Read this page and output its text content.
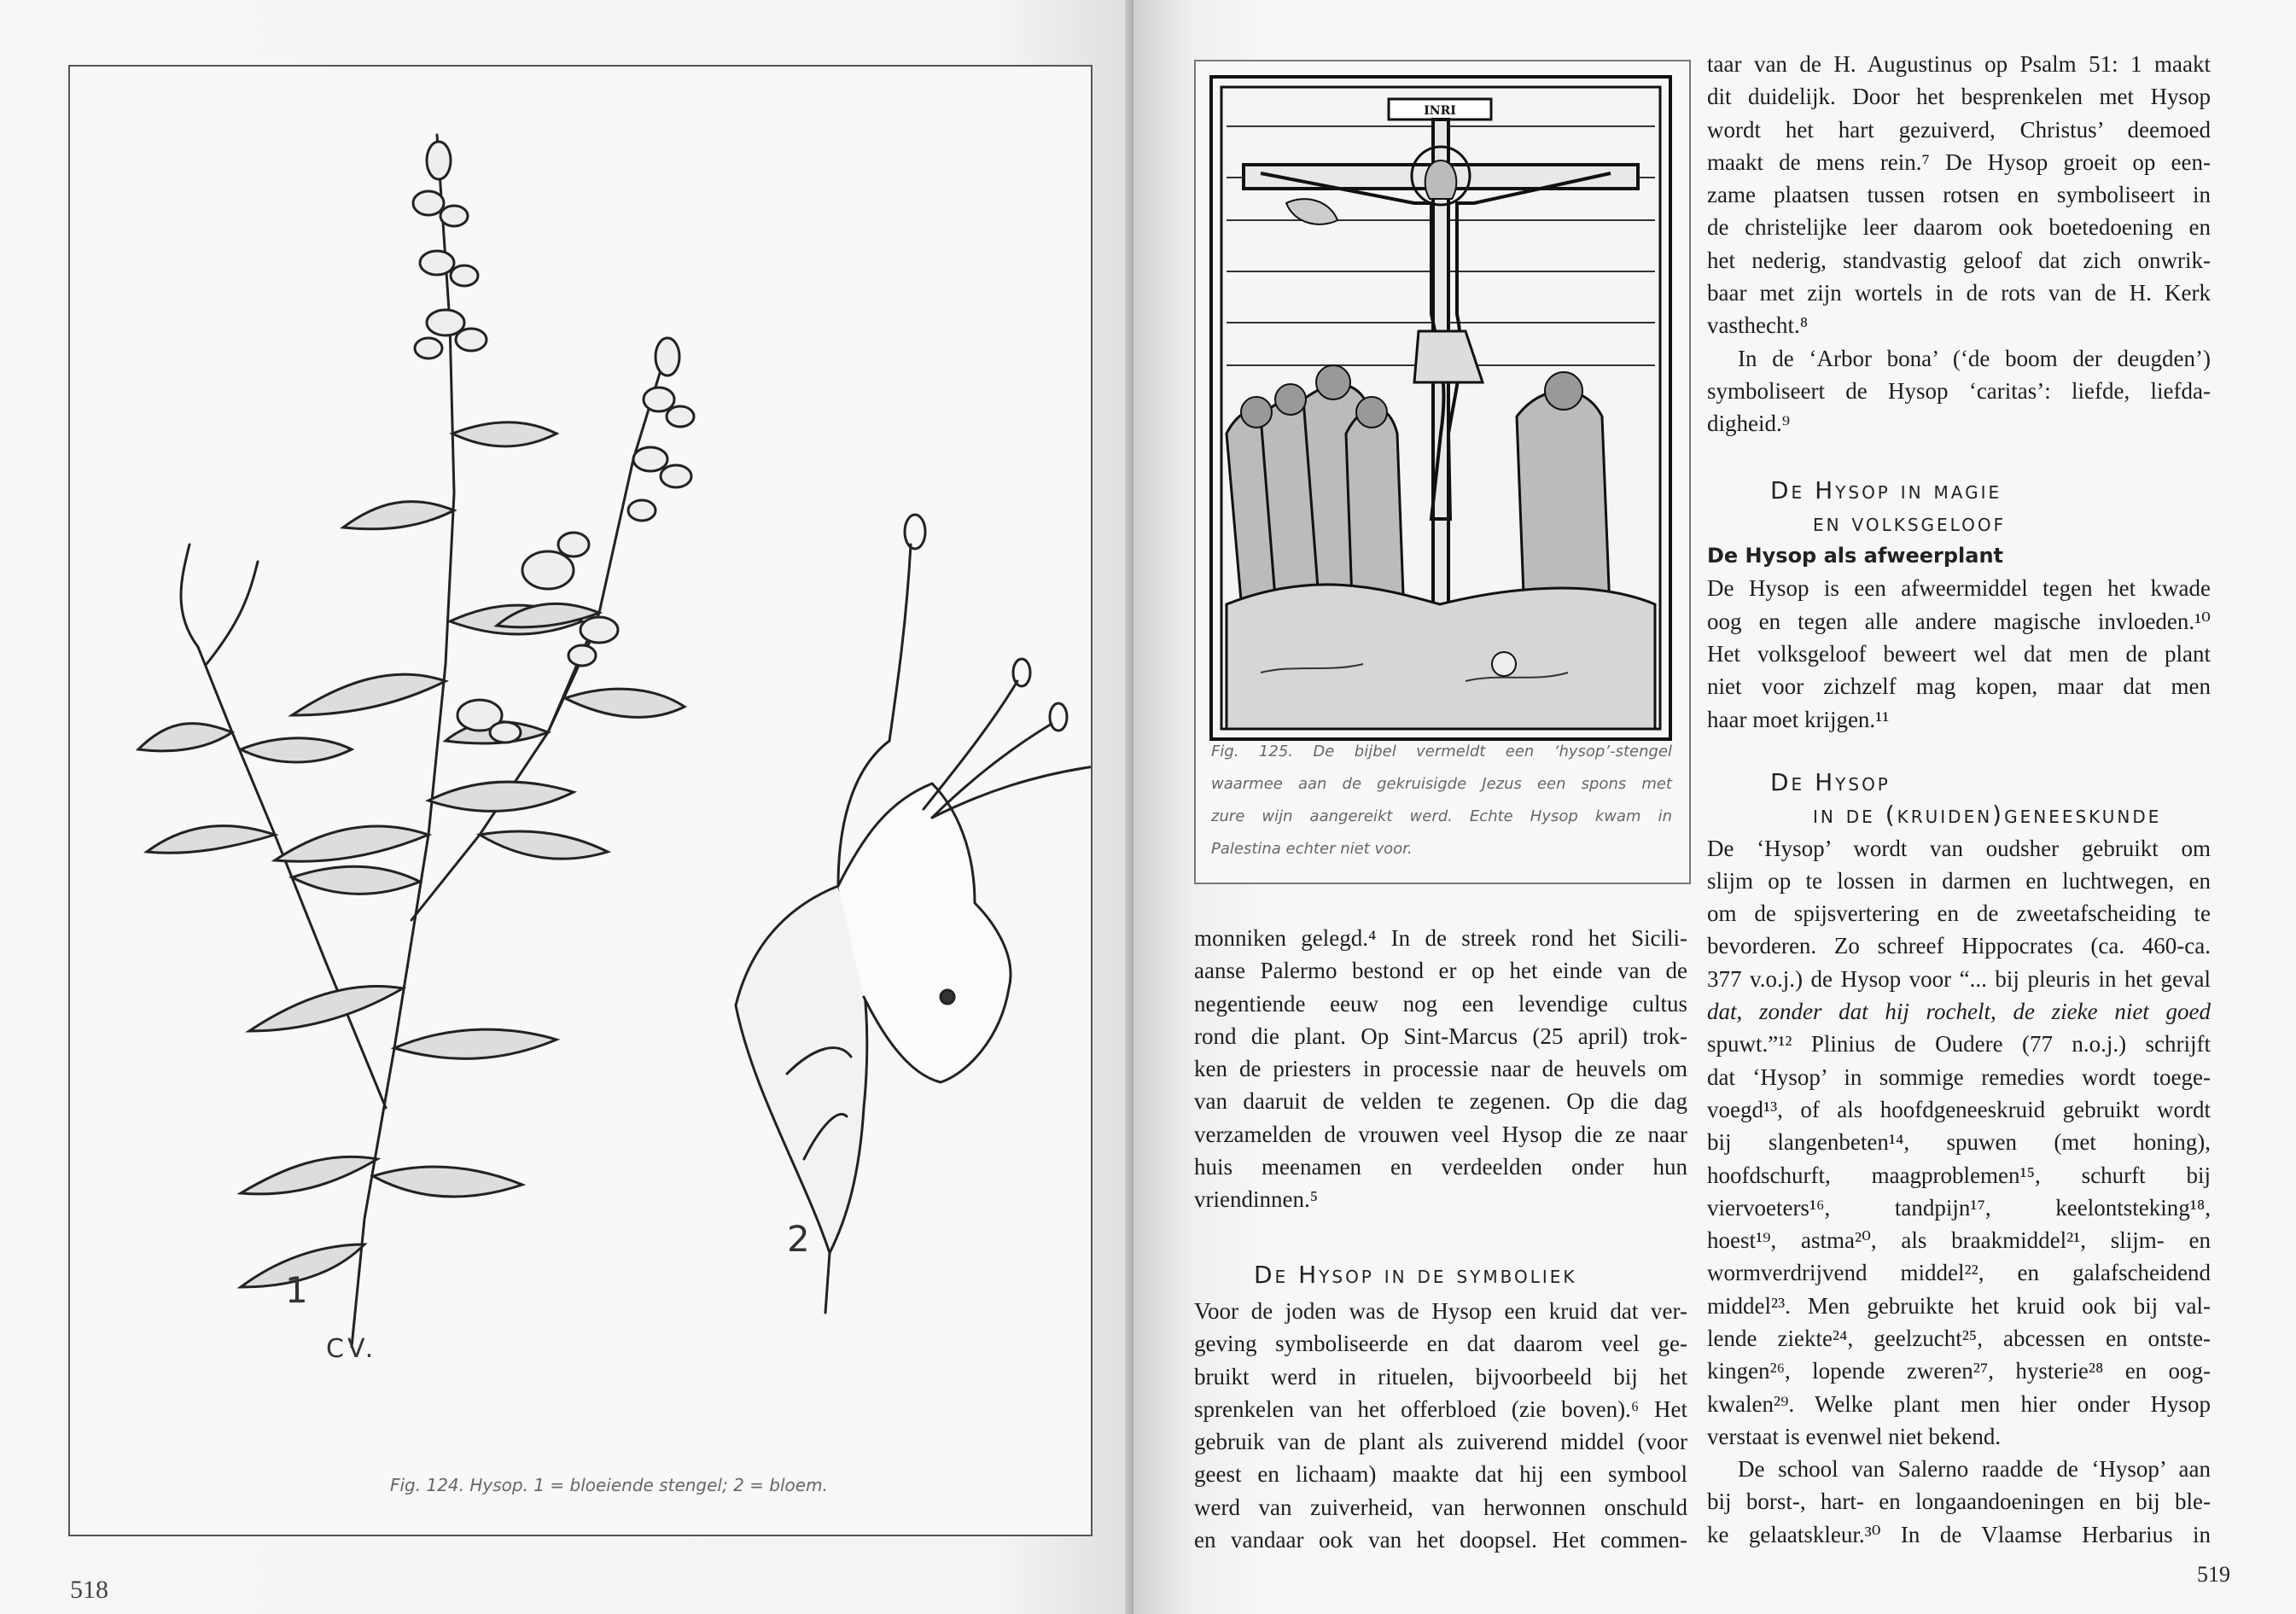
1
2
CV.
Fig. 124. Hysop. 1 = bloeiende stengel; 2 = bloem.
518
INRI
Fig. 125. De bijbel vermeldt een ‘hysop’-stengel
waarmee aan de gekruisigde Jezus een spons met
zure wijn aangereikt werd. Echte Hysop kwam in
Palestina echter niet voor.
monniken gelegd.⁴ In de streek rond het Sicili-
aanse Palermo bestond er op het einde van de
negentiende eeuw nog een levendige cultus
rond die plant. Op Sint-Marcus (25 april) trok-
ken de priesters in processie naar de heuvels om
van daaruit de velden te zegenen. Op die dag
verzamelden de vrouwen veel Hysop die ze naar
huis meenamen en verdeelden onder hun
vriendinnen.⁵
De Hysop in de symboliek
Voor de joden was de Hysop een kruid dat ver-
geving symboliseerde en dat daarom veel ge-
bruikt werd in rituelen, bijvoorbeeld bij het
sprenkelen van het offerbloed (zie boven).⁶ Het
gebruik van de plant als zuiverend middel (voor
geest en lichaam) maakte dat hij een symbool
werd van zuiverheid, van herwonnen onschuld
en vandaar ook van het doopsel. Het commen-
taar van de H. Augustinus op Psalm 51: 1 maakt
dit duidelijk. Door het besprenkelen met Hysop
wordt het hart gezuiverd, Christus’ deemoed
maakt de mens rein.⁷ De Hysop groeit op een-
zame plaatsen tussen rotsen en symboliseert in
de christelijke leer daarom ook boetedoening en
het nederig, standvastig geloof dat zich onwrik-
baar met zijn wortels in de rots van de H. Kerk
vasthecht.⁸
In de ‘Arbor bona’ (‘de boom der deugden’)
symboliseert de Hysop ‘caritas’: liefde, liefda-
digheid.⁹
De Hysop in magie
en volksgeloof
De Hysop als afweerplant
De Hysop is een afweermiddel tegen het kwade
oog en tegen alle andere magische invloeden.¹⁰
Het volksgeloof beweert wel dat men de plant
niet voor zichzelf mag kopen, maar dat men
haar moet krijgen.¹¹
De Hysop
in de (kruiden)geneeskunde
De ‘Hysop’ wordt van oudsher gebruikt om
slijm op te lossen in darmen en luchtwegen, en
om de spijsvertering en de zweetafscheiding te
bevorderen. Zo schreef Hippocrates (ca. 460-ca.
377 v.o.j.) de Hysop voor “... bij pleuris in het geval
dat, zonder dat hij rochelt, de zieke niet goed
spuwt.”¹² Plinius de Oudere (77 n.o.j.) schrijft
dat ‘Hysop’ in sommige remedies wordt toege-
voegd¹³, of als hoofdgeneeskruid gebruikt wordt
bij slangenbeten¹⁴, spuwen (met honing),
hoofdschurft, maagproblemen¹⁵, schurft bij
viervoeters¹⁶, tandpijn¹⁷, keelontsteking¹⁸,
hoest¹⁹, astma²⁰, als braakmiddel²¹, slijm- en
wormverdrijvend middel²², en galafscheidend
middel²³. Men gebruikte het kruid ook bij val-
lende ziekte²⁴, geelzucht²⁵, abcessen en ontste-
kingen²⁶, lopende zweren²⁷, hysterie²⁸ en oog-
kwalen²⁹. Welke plant men hier onder Hysop
verstaat is evenwel niet bekend.
De school van Salerno raadde de ‘Hysop’ aan
bij borst-, hart- en longaandoeningen en bij ble-
ke gelaatskleur.³⁰ In de Vlaamse Herbarius in
519
